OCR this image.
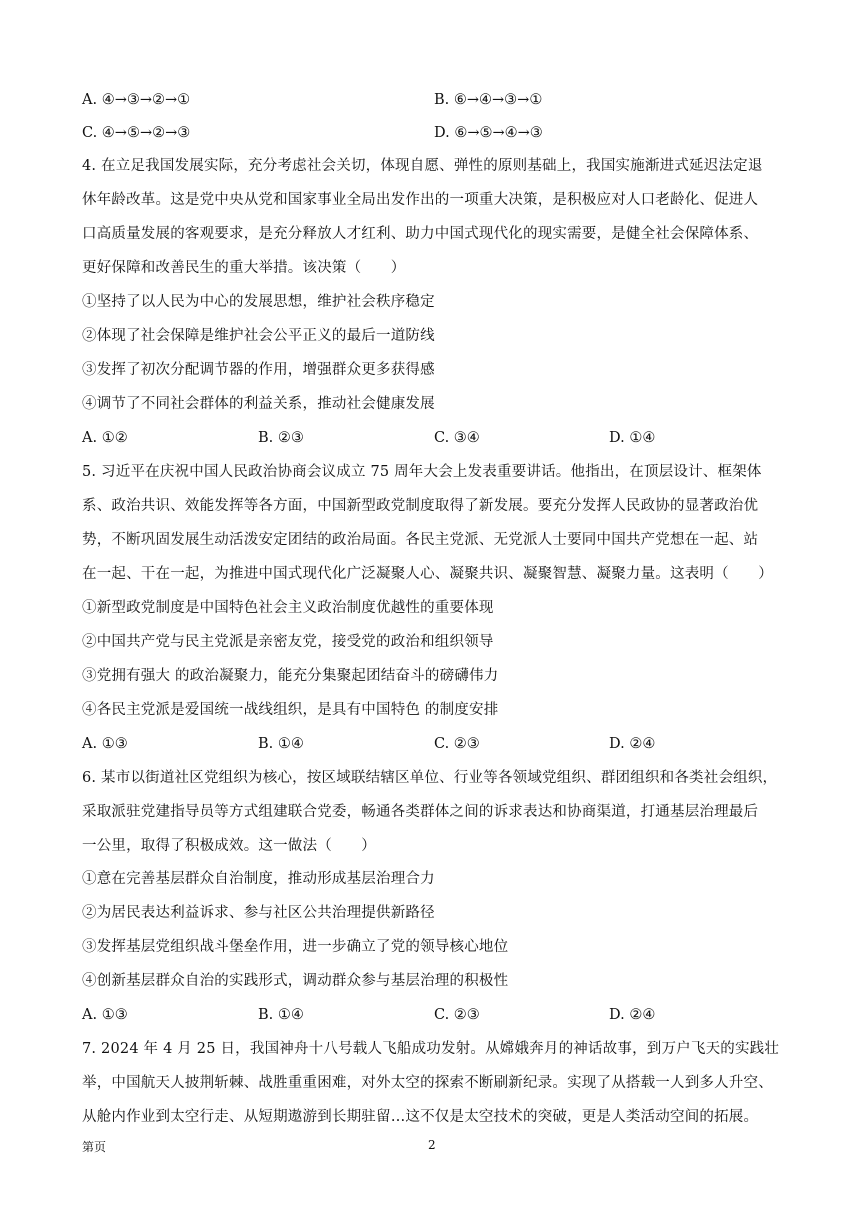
A. ④→③→②→①	B. ⑥→④→③→①
C. ④→⑤→②→③	D. ⑥→⑤→④→③
4. 在立足我国发展实际，充分考虑社会关切，体现自愿、弹性的原则基础上，我国实施渐进式延迟法定退
休年龄改革。这是党中央从党和国家事业全局出发作出的一项重大决策，是积极应对人口老龄化、促进人
口高质量发展的客观要求，是充分释放人才红利、助力中国式现代化的现实需要，是健全社会保障体系、
更好保障和改善民生的重大举措。该决策（　　）
①坚持了以人民为中心的发展思想，维护社会秩序稳定
②体现了社会保障是维护社会公平正义的最后一道防线
③发挥了初次分配调节器的作用，增强群众更多获得感
④调节了不同社会群体的利益关系，推动社会健康发展
A. ①②	B. ②③	C. ③④	D. ①④
5. 习近平在庆祝中国人民政治协商会议成立 75 周年大会上发表重要讲话。他指出，在顶层设计、框架体
系、政治共识、效能发挥等各方面，中国新型政党制度取得了新发展。要充分发挥人民政协的显著政治优
势，不断巩固发展生动活泼安定团结的政治局面。各民主党派、无党派人士要同中国共产党想在一起、站
在一起、干在一起，为推进中国式现代化广泛凝聚人心、凝聚共识、凝聚智慧、凝聚力量。这表明（　　）
①新型政党制度是中国特色社会主义政治制度优越性的重要体现
②中国共产党与民主党派是亲密友党，接受党的政治和组织领导
③党拥有强大 的政治凝聚力，能充分集聚起团结奋斗的磅礴伟力
④各民主党派是爱国统一战线组织，是具有中国特色 的制度安排
A. ①③	B. ①④	C. ②③	D. ②④
6. 某市以街道社区党组织为核心，按区域联结辖区单位、行业等各领域党组织、群团组织和各类社会组织，
采取派驻党建指导员等方式组建联合党委，畅通各类群体之间的诉求表达和协商渠道，打通基层治理最后
一公里，取得了积极成效。这一做法（　　）
①意在完善基层群众自治制度，推动形成基层治理合力
②为居民表达利益诉求、参与社区公共治理提供新路径
③发挥基层党组织战斗堡垒作用，进一步确立了党的领导核心地位
④创新基层群众自治的实践形式，调动群众参与基层治理的积极性
A. ①③	B. ①④	C. ②③	D. ②④
7. 2024 年 4 月 25 日，我国神舟十八号载人飞船成功发射。从嫦娥奔月的神话故事，到万户飞天的实践壮
举，中国航天人披荆斩棘、战胜重重困难，对外太空的探索不断刷新纪录。实现了从搭载一人到多人升空、
从舱内作业到太空行走、从短期遨游到长期驻留…这不仅是太空技术的突破，更是人类活动空间的拓展。
第页	2
